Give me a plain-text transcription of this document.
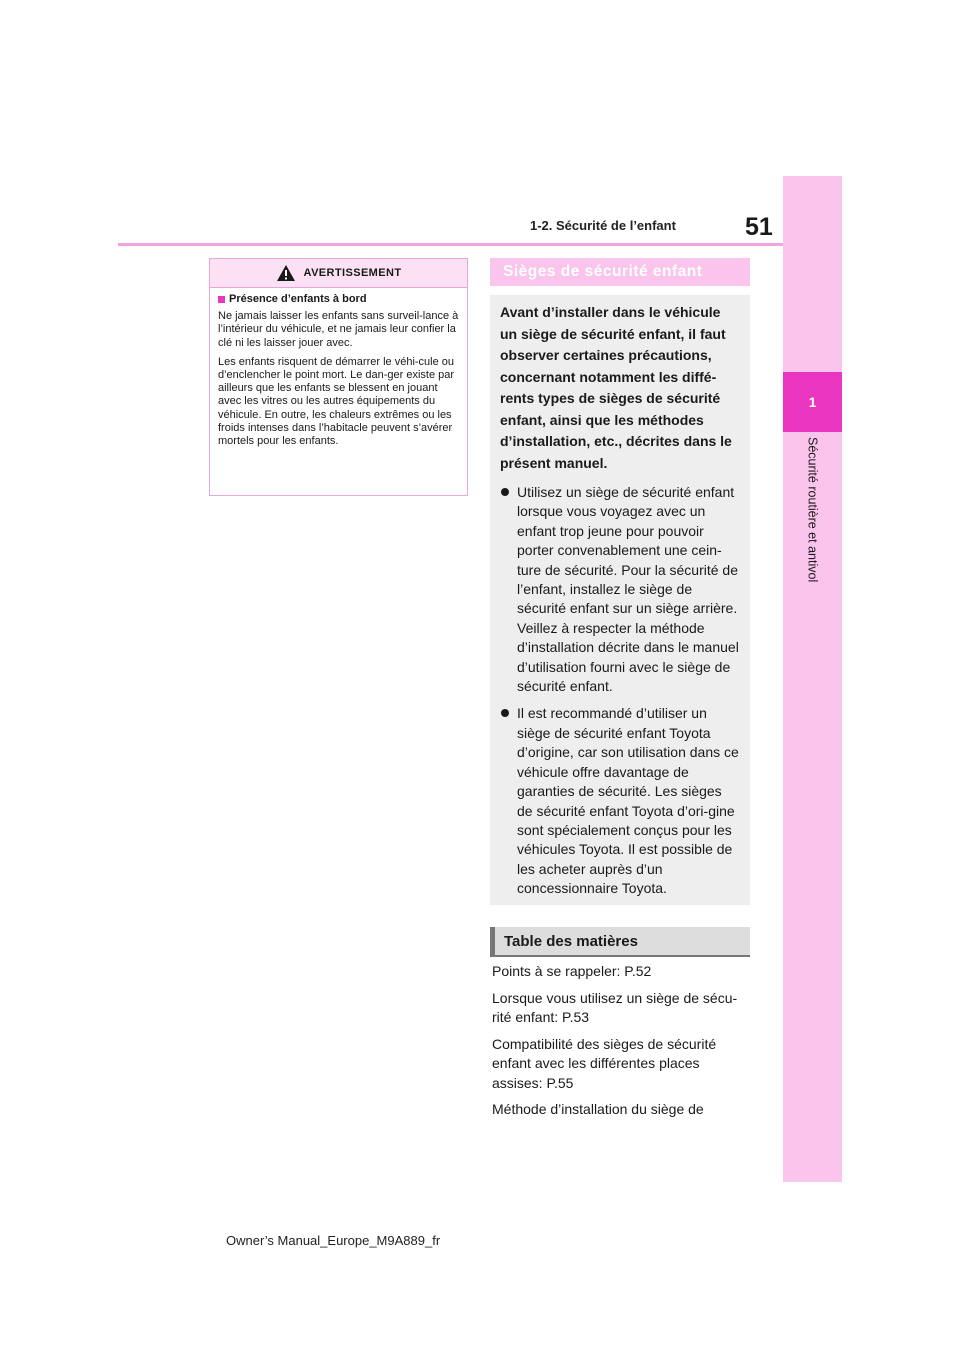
1
Sécurité routière et antivol
1-2. Sécurité de l’enfant	51
AVERTISSEMENT
Présence d’enfants à bord

Ne jamais laisser les enfants sans surveil-lance à l’intérieur du véhicule, et ne jamais leur confier la clé ni les laisser jouer avec.

Les enfants risquent de démarrer le véhi-cule ou d’enclencher le point mort. Le dan-ger existe par ailleurs que les enfants se blessent en jouant avec les vitres ou les autres équipements du véhicule. En outre, les chaleurs extrêmes ou les froids intenses dans l’habitacle peuvent s’avérer mortels pour les enfants.

Sièges de sécurité enfant

Avant d’installer dans le véhicule un siège de sécurité enfant, il faut observer certaines précautions, concernant notamment les diffé-rents types de sièges de sécurité enfant, ainsi que les méthodes d’installation, etc., décrites dans le présent manuel.

Utilisez un siège de sécurité enfant lorsque vous voyagez avec un enfant trop jeune pour pouvoir porter convenablement une cein-ture de sécurité. Pour la sécurité de l’enfant, installez le siège de sécurité enfant sur un siège arrière. Veillez à respecter la méthode d’installation décrite dans le manuel d’utilisation fourni avec le siège de sécurité enfant.
Il est recommandé d’utiliser un siège de sécurité enfant Toyota d’origine, car son utilisation dans ce véhicule offre davantage de garanties de sécurité. Les sièges de sécurité enfant Toyota d’ori-gine sont spécialement conçus pour les véhicules Toyota. Il est possible de les acheter auprès d’un concessionnaire Toyota.
Table des matières

Points à se rappeler: P.52

Lorsque vous utilisez un siège de sécu-rité enfant: P.53

Compatibilité des sièges de sécurité enfant avec les différentes places assises: P.55

Méthode d’installation du siège de

Owner’s Manual_Europe_M9A889_fr
